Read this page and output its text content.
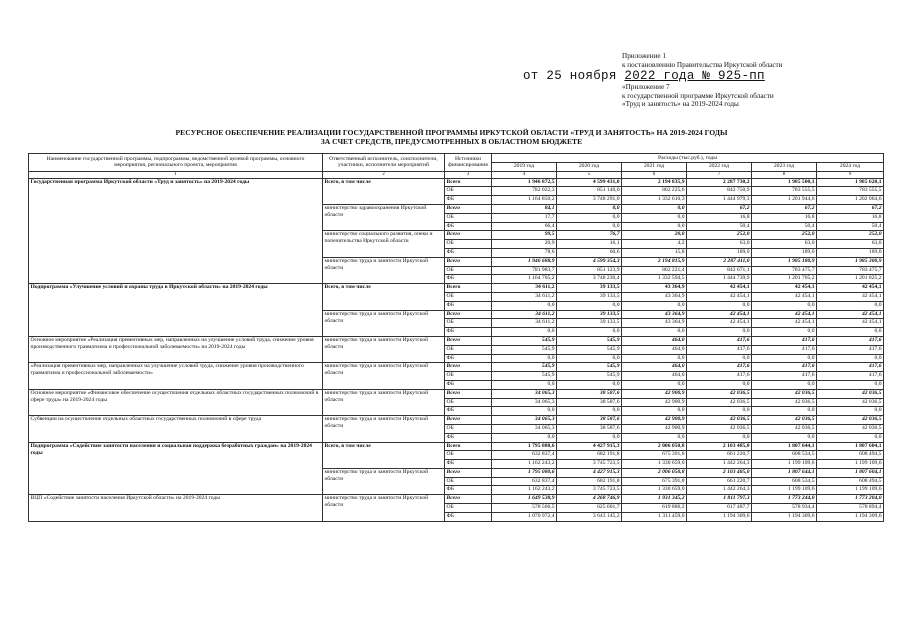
Приложение 1
к постановлению Правительства Иркутской области
«Приложение 7
к государственной программе Иркутской области
«Труд и занятость» на 2019-2024 годы
от 25 ноября 2022 года № 925-пп
РЕСУРСНОЕ ОБЕСПЕЧЕНИЕ РЕАЛИЗАЦИИ ГОСУДАРСТВЕННОЙ ПРОГРАММЫ ИРКУТСКОЙ ОБЛАСТИ «ТРУД И ЗАНЯТОСТЬ» НА 2019-2024 ГОДЫ
ЗА СЧЕТ СРЕДСТВ, ПРЕДУСМОТРЕННЫХ В ОБЛАСТНОМ БЮДЖЕТЕ
Наименование государственной программы, подпрограммы, ведомственной целевой программы, основного мероприятия, регионального проекта, мероприятия	Ответственный исполнитель, соисполнители, участники, исполнители мероприятий	Источники финансирования	Расходы (тыс.руб.), годы					
			2019 год	2020 год	2021 год	2022 год	2023 год	2024 год
1	2	3	4	5	6	7	8	9
Государственная программа Иркутской области «Труд и занятость» на 2019-2024 годы	Всего, в том числе	Всего	1 946 872,5	4 599 431,0	2 194 835,9	2 287 730,2	1 985 500,1	1 985 620,1
		ОБ	782 022,3	851 140,0	862 225,6	842 750,9	783 555,5	783 555,5
		ФБ	1 164 850,2	3 748 291,0	1 332 610,3	1 444 979,3	1 201 944,6	1 202 064,6
	министерство здравоохранения Иркутской области	Всего	84,1	0,0	0,0	67,2	67,2	67,2
		ОБ	17,7	0,0	0,0	16,8	16,8	16,8
		ФБ	66,4	0,0	0,0	50,4	50,4	50,4
	министерство социального развития, опеки и попечительства Иркутской области	Всего	99,5	76,7	20,0	252,0	252,0	252,0
		ОБ	20,9	16,1	4,2	63,0	63,0	63,0
		ФБ	78,6	60,6	15,8	189,0	189,0	189,0
	министерство труда и занятости Иркутской области	Всего	1 946 688,9	4 599 354,3	2 194 815,9	2 287 411,0	1 985 180,9	1 985 300,9
		ОБ	781 983,7	851 123,9	862 221,4	842 671,1	783 475,7	783 475,7
		ФБ	1 164 705,2	3 748 230,4	1 332 594,5	1 444 739,9	1 201 705,2	1 201 825,2
Подпрограмма «Улучшение условий и охраны труда в Иркутской области» на 2019-2024 годы	Всего, в том числе	Всего	34 611,2	39 133,5	43 364,9	42 454,1	42 454,1	42 454,1
		ОБ	34 611,2	39 133,5	43 364,9	42 454,1	42 454,1	42 454,1
		ФБ	0,0	0,0	0,0	0,0	0,0	0,0
	министерство труда и занятости Иркутской области	Всего	34 611,2	39 133,5	43 364,9	42 454,1	42 454,1	42 454,1
		ОБ	34 611,2	39 133,5	43 364,9	42 454,1	42 454,1	42 454,1
		ФБ	0,0	0,0	0,0	0,0	0,0	0,0
Основное мероприятие «Реализация превентивных мер, направленных на улучшение условий труда, снижение уровня производственного травматизма и профессиональной заболеваемости» на 2019-2024 годы	министерство труда и занятости Иркутской области	Всего	545,9	545,9	464,0	417,6	417,6	417,6
		ОБ	545,9	545,9	464,0	417,6	417,6	417,6
		ФБ	0,0	0,0	0,0	0,0	0,0	0,0
«Реализация превентивных мер, направленных на улучшение условий труда, снижение уровня производственного травматизма и профессиональной заболеваемости»	министерство труда и занятости Иркутской области	Всего	545,9	545,9	464,0	417,6	417,6	417,6
		ОБ	545,9	545,9	464,0	417,6	417,6	417,6
		ФБ	0,0	0,0	0,0	0,0	0,0	0,0
Основное мероприятие «Финансовое обеспечение осуществления отдельных областных государственных полномочий в сфере труда» на 2019-2024 годы	министерство труда и занятости Иркутской области	Всего	34 065,3	38 587,6	42 900,9	42 036,5	42 036,5	42 036,5
		ОБ	34 065,3	38 587,6	42 900,9	42 036,5	42 036,5	42 036,5
		ФБ	0,0	0,0	0,0	0,0	0,0	0,0
Субвенции на осуществление отдельных областных государственных полномочий в сфере труда	министерство труда и занятости Иркутской области	Всего	34 065,3	38 587,6	42 900,9	42 036,5	42 036,5	42 036,5
		ОБ	34 065,3	38 587,6	42 900,9	42 036,5	42 036,5	42 036,5
		ФБ	0,0	0,0	0,0	0,0	0,0	0,0
Подпрограмма «Содействие занятости населения и социальная поддержка безработных граждан» на 2019-2024 годы	Всего, в том числе	Всего	1 795 080,6	4 427 915,3	2 006 050,8	2 103 485,0	1 807 644,1	1 807 604,1
		ОБ	632 837,4	682 191,8	675 391,8	661 220,7	608 534,5	608 494,5
		ФБ	1 162 243,2	3 745 723,5	1 330 659,0	1 442 264,3	1 199 109,6	1 199 109,6
	министерство труда и занятости Иркутской области	Всего	1 795 080,6	4 427 915,3	2 006 050,8	2 103 485,0	1 807 644,1	1 807 604,1
		ОБ	632 837,4	682 191,8	675 391,8	661 220,7	608 534,5	608 494,5
		ФБ	1 162 243,2	3 745 723,5	1 330 659,0	1 442 264,3	1 199 109,6	1 199 109,6
ВЦП «Содействие занятости населения Иркутской области» на 2019-2024 годы	министерство труда и занятости Иркутской области	Всего	1 649 538,9	4 268 746,9	1 931 345,2	1 811 797,3	1 773 244,0	1 773 204,0
		ОБ	578 566,5	625 601,7	619 886,2	617 487,7	578 934,4	578 894,4
		ФБ	1 070 972,4	3 643 145,2	1 311 459,0	1 194 309,6	1 194 309,6	1 194 309,6
